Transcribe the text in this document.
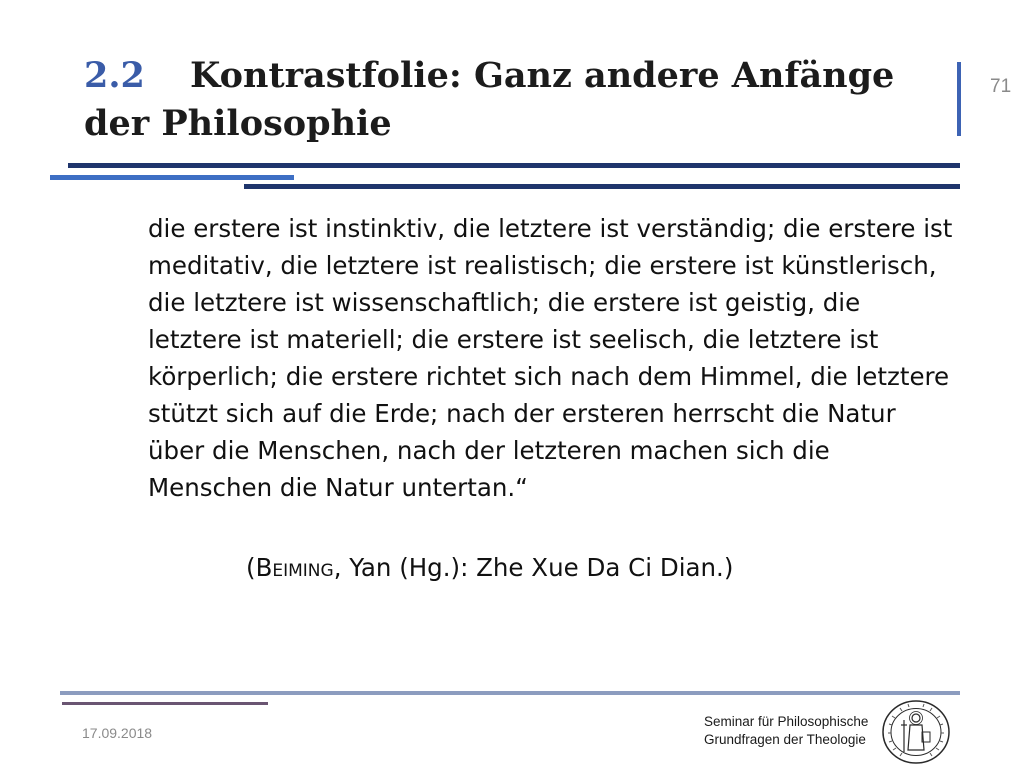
2.2 Kontrastfolie: Ganz andere Anfänge der Philosophie
71

die erstere ist instinktiv, die letztere ist verständig; die erstere ist meditativ, die letztere ist realistisch; die erstere ist künstlerisch, die letztere ist wissenschaftlich; die erstere ist geistig, die letztere ist materiell; die erstere ist seelisch, die letztere ist körperlich; die erstere richtet sich nach dem Himmel, die letztere stützt sich auf die Erde; nach der ersteren herrscht die Natur über die Menschen, nach der letzteren machen sich die Menschen die Natur untertan.“

(Beiming, Yan (Hg.): Zhe Xue Da Ci Dian.)

17.09.2018
Seminar für Philosophische
Grundfragen der Theologie
